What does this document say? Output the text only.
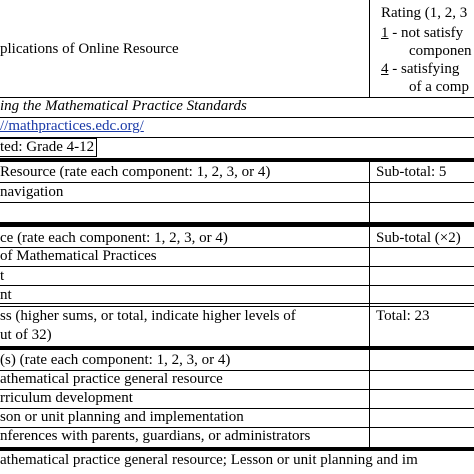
plications of Online Resource
Rating (1, 2, 3
1 - not satisfy
componen
4 - satisfying
of a comp
ing the Mathematical Practice Standards
//mathpractices.edc.org/
ted: Grade 4-12
Resource (rate each component: 1, 2, 3, or 4)	Sub-total: 5
navigation
ce (rate each component: 1, 2, 3, or 4)	Sub-total (×2)
of Mathematical Practices
t
nt
ss (higher sums, or total, indicate higher levels of
ut of 32)
Total: 23
(s) (rate each component: 1, 2, 3, or 4)
athematical practice general resource
rriculum development
son or unit planning and implementation
nferences with parents, guardians, or administrators
athematical practice general resource; Lesson or unit planning and im
